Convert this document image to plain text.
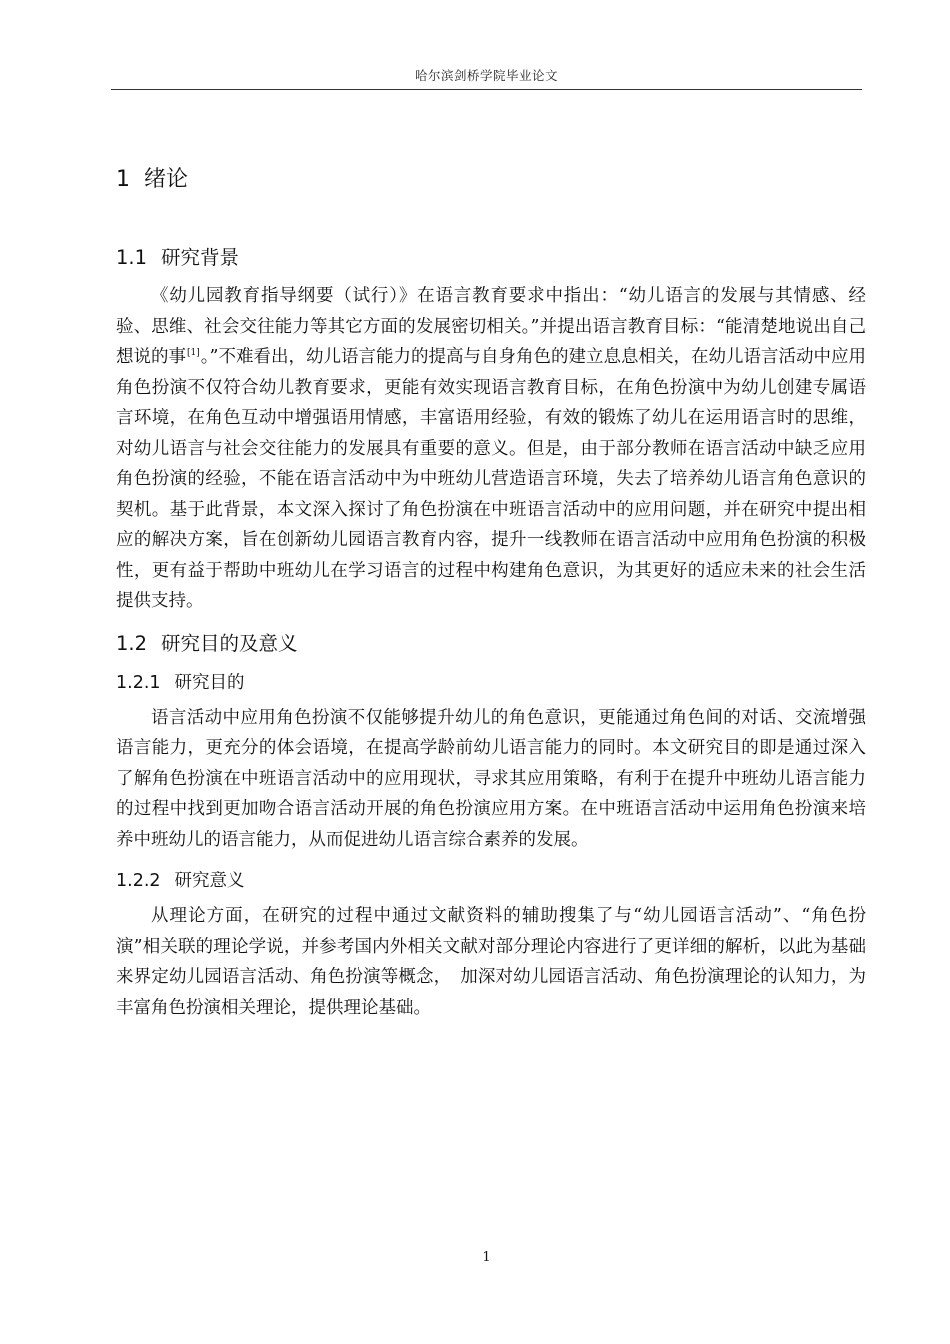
哈尔滨剑桥学院毕业论文
1 绪论
1.1 研究背景

《幼儿园教育指导纲要（试行）》在语言教育要求中指出：“幼儿语言的发展与其情感、经验、思维、社会交往能力等其它方面的发展密切相关。”并提出语言教育目标：“能清楚地说出自己想说的事[1]。”不难看出，幼儿语言能力的提高与自身角色的建立息息相关，在幼儿语言活动中应用角色扮演不仅符合幼儿教育要求，更能有效实现语言教育目标，在角色扮演中为幼儿创建专属语言环境，在角色互动中增强语用情感，丰富语用经验，有效的锻炼了幼儿在运用语言时的思维，对幼儿语言与社会交往能力的发展具有重要的意义。但是，由于部分教师在语言活动中缺乏应用角色扮演的经验，不能在语言活动中为中班幼儿营造语言环境，失去了培养幼儿语言角色意识的契机。基于此背景，本文深入探讨了角色扮演在中班语言活动中的应用问题，并在研究中提出相应的解决方案，旨在创新幼儿园语言教育内容，提升一线教师在语言活动中应用角色扮演的积极性，更有益于帮助中班幼儿在学习语言的过程中构建角色意识，为其更好的适应未来的社会生活提供支持。

1.2 研究目的及意义
1.2.1 研究目的

语言活动中应用角色扮演不仅能够提升幼儿的角色意识，更能通过角色间的对话、交流增强语言能力，更充分的体会语境，在提高学龄前幼儿语言能力的同时。本文研究目的即是通过深入了解角色扮演在中班语言活动中的应用现状，寻求其应用策略，有利于在提升中班幼儿语言能力的过程中找到更加吻合语言活动开展的角色扮演应用方案。在中班语言活动中运用角色扮演来培养中班幼儿的语言能力，从而促进幼儿语言综合素养的发展。

1.2.2 研究意义

从理论方面，在研究的过程中通过文献资料的辅助搜集了与“幼儿园语言活动”、“角色扮演”相关联的理论学说，并参考国内外相关文献对部分理论内容进行了更详细的解析，以此为基础来界定幼儿园语言活动、角色扮演等概念，　加深对幼儿园语言活动、角色扮演理论的认知力，为丰富角色扮演相关理论，提供理论基础。

1
